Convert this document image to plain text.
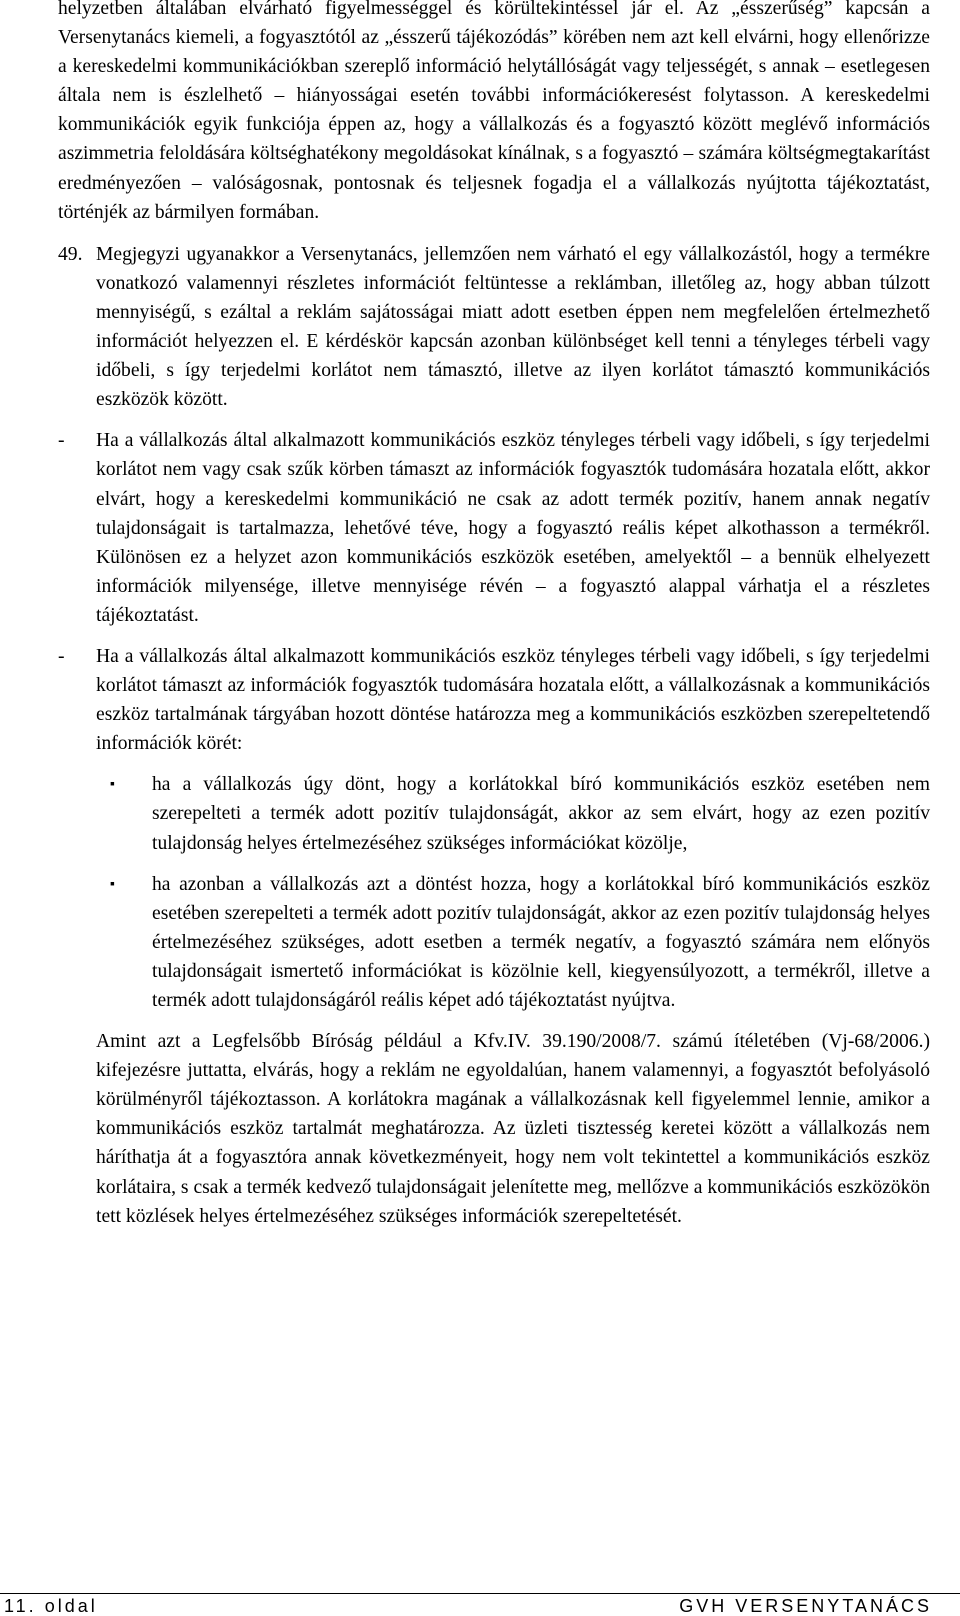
helyzetben általában elvárható figyelmességgel és körültekintéssel jár el. Az „ésszerűség” kapcsán a Versenytanács kiemeli, a fogyasztótól az „ésszerű tájékozódás” körében nem azt kell elvárni, hogy ellenőrizze a kereskedelmi kommunikációkban szereplő információ helytállóságát vagy teljességét, s annak – esetlegesen általa nem is észlelhető – hiányosságai esetén további információkeresést folytasson. A kereskedelmi kommunikációk egyik funkciója éppen az, hogy a vállalkozás és a fogyasztó között meglévő információs aszimmetria feloldására költséghatékony megoldásokat kínálnak, s a fogyasztó – számára költségmegtakarítást eredményezően – valóságosnak, pontosnak és teljesnek fogadja el a vállalkozás nyújtotta tájékoztatást, történjék az bármilyen formában.

49. Megjegyzi ugyanakkor a Versenytanács, jellemzően nem várható el egy vállalkozástól, hogy a termékre vonatkozó valamennyi részletes információt feltüntesse a reklámban, illetőleg az, hogy abban túlzott mennyiségű, s ezáltal a reklám sajátosságai miatt adott esetben éppen nem megfelelően értelmezhető információt helyezzen el. E kérdéskör kapcsán azonban különbséget kell tenni a tényleges térbeli vagy időbeli, s így terjedelmi korlátot nem támasztó, illetve az ilyen korlátot támasztó kommunikációs eszközök között.

- Ha a vállalkozás által alkalmazott kommunikációs eszköz tényleges térbeli vagy időbeli, s így terjedelmi korlátot nem vagy csak szűk körben támaszt az információk fogyasztók tudomására hozatala előtt, akkor elvárt, hogy a kereskedelmi kommunikáció ne csak az adott termék pozitív, hanem annak negatív tulajdonságait is tartalmazza, lehetővé téve, hogy a fogyasztó reális képet alkothasson a termékről. Különösen ez a helyzet azon kommunikációs eszközök esetében, amelyektől – a bennük elhelyezett információk milyensége, illetve mennyisége révén – a fogyasztó alappal várhatja el a részletes tájékoztatást.

- Ha a vállalkozás által alkalmazott kommunikációs eszköz tényleges térbeli vagy időbeli, s így terjedelmi korlátot támaszt az információk fogyasztók tudomására hozatala előtt, a vállalkozásnak a kommunikációs eszköz tartalmának tárgyában hozott döntése határozza meg a kommunikációs eszközben szerepeltetendő információk körét:

▪ ha a vállalkozás úgy dönt, hogy a korlátokkal bíró kommunikációs eszköz esetében nem szerepelteti a termék adott pozitív tulajdonságát, akkor az sem elvárt, hogy az ezen pozitív tulajdonság helyes értelmezéséhez szükséges információkat közölje,

▪ ha azonban a vállalkozás azt a döntést hozza, hogy a korlátokkal bíró kommunikációs eszköz esetében szerepelteti a termék adott pozitív tulajdonságát, akkor az ezen pozitív tulajdonság helyes értelmezéséhez szükséges, adott esetben a termék negatív, a fogyasztó számára nem előnyös tulajdonságait ismertető információkat is közölnie kell, kiegyensúlyozott, a termékről, illetve a termék adott tulajdonságáról reális képet adó tájékoztatást nyújtva.

Amint azt a Legfelsőbb Bíróság például a Kfv.IV. 39.190/2008/7. számú ítéletében (Vj-68/2006.) kifejezésre juttatta, elvárás, hogy a reklám ne egyoldalúan, hanem valamennyi, a fogyasztót befolyásoló körülményről tájékoztasson. A korlátokra magának a vállalkozásnak kell figyelemmel lennie, amikor a kommunikációs eszköz tartalmát meghatározza. Az üzleti tisztesség keretei között a vállalkozás nem háríthatja át a fogyasztóra annak következményeit, hogy nem volt tekintettel a kommunikációs eszköz korlátaira, s csak a termék kedvező tulajdonságait jelenítette meg, mellőzve a kommunikációs eszközökön tett közlések helyes értelmezéséhez szükséges információk szerepeltetését.

11. oldal	GVH VERSENYTANÁCS
